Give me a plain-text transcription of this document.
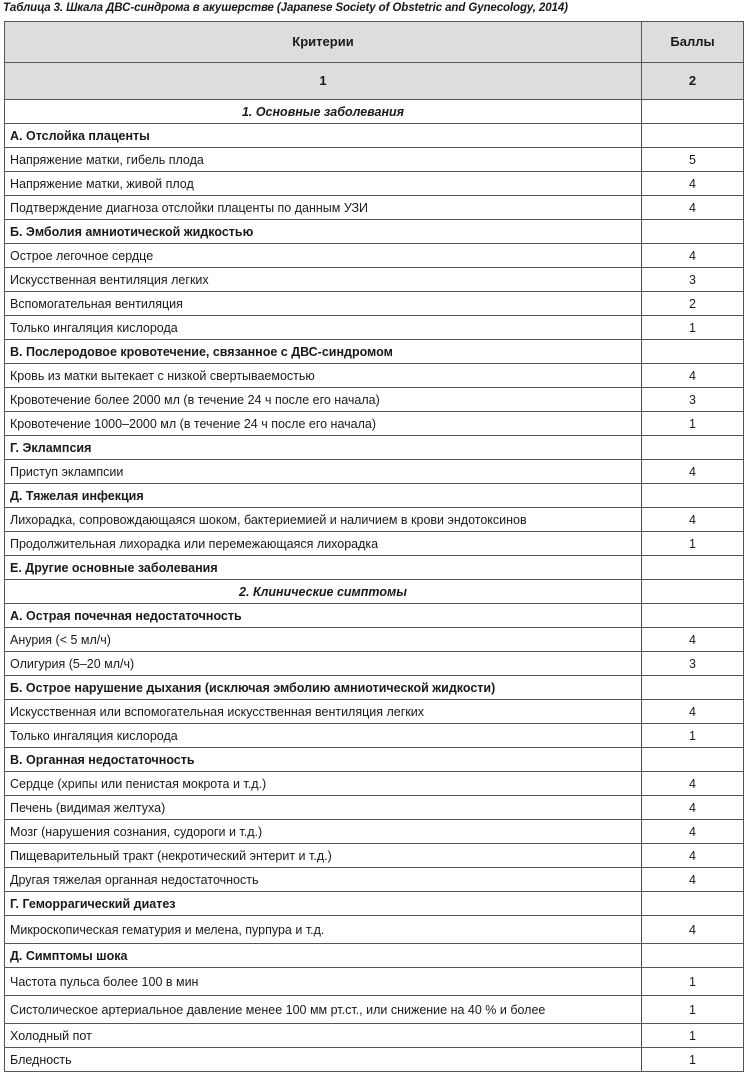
Таблица 3. Шкала ДВС-синдрома в акушерстве (Japanese Society of Obstetric and Gynecology, 2014)
Критерии	Баллы
1	2
1. Основные заболевания	
А. Отслойка плаценты	
Напряжение матки, гибель плода	5
Напряжение матки, живой плод	4
Подтверждение диагноза отслойки плаценты по данным УЗИ	4
Б. Эмболия амниотической жидкостью	
Острое легочное сердце	4
Искусственная вентиляция легких	3
Вспомогательная вентиляция	2
Только ингаляция кислорода	1
В. Послеродовое кровотечение, связанное с ДВС-синдромом	
Кровь из матки вытекает с низкой свертываемостью	4
Кровотечение более 2000 мл (в течение 24 ч после его начала)	3
Кровотечение 1000–2000 мл (в течение 24 ч после его начала)	1
Г. Эклампсия	
Приступ эклампсии	4
Д. Тяжелая инфекция	
Лихорадка, сопровождающаяся шоком, бактериемией и наличием в крови эндотоксинов	4
Продолжительная лихорадка или перемежающаяся лихорадка	1
Е. Другие основные заболевания	
2. Клинические симптомы	
А. Острая почечная недостаточность	
Анурия (< 5 мл/ч)	4
Олигурия (5–20 мл/ч)	3
Б. Острое нарушение дыхания (исключая эмболию амниотической жидкости)	
Искусственная или вспомогательная искусственная вентиляция легких	4
Только ингаляция кислорода	1
В. Органная недостаточность	
Сердце (хрипы или пенистая мокрота и т.д.)	4
Печень (видимая желтуха)	4
Мозг (нарушения сознания, судороги и т.д.)	4
Пищеварительный тракт (некротический энтерит и т.д.)	4
Другая тяжелая органная недостаточность	4
Г. Геморрагический диатез	
Микроскопическая гематурия и мелена, пурпура и т.д.	4
Д. Симптомы шока	
Частота пульса более 100 в мин	1
Систолическое артериальное давление менее 100 мм рт.ст., или снижение на 40 % и более	1
Холодный пот	1
Бледность	1
